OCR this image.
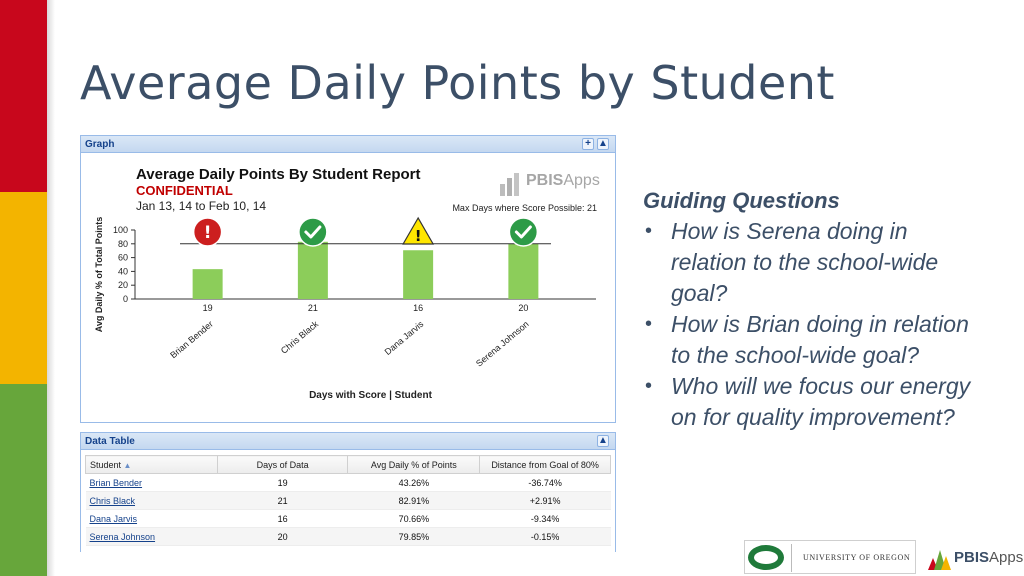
Average Daily Points by Student
Graph	+ ▲
Average Daily Points By Student Report
CONFIDENTIAL
Jan 13, 14 to Feb 10, 14	Max Days where Score Possible: 21
PBISApps
0
20
40
60
80
100
Avg Daily % of Total Points	!	!
19	21	16	20
Brian Bender	Chris Black	Dana Jarvis	Serena Johnson
Days with Score | Student
Data Table	▲
Student ▲	Days of Data	Avg Daily % of Points	Distance from Goal of 80%
Brian Bender	19	43.26%	-36.74%
Chris Black	21	82.91%	+2.91%
Dana Jarvis	16	70.66%	-9.34%
Serena Johnson	20	79.85%	-0.15%
Guiding Questions
• How is Serena doing in relation to the school-wide goal?
• How is Brian doing in relation to the school-wide goal?
• Who will we focus our energy on for quality improvement?
UNIVERSITY OF OREGON	PBISApps
